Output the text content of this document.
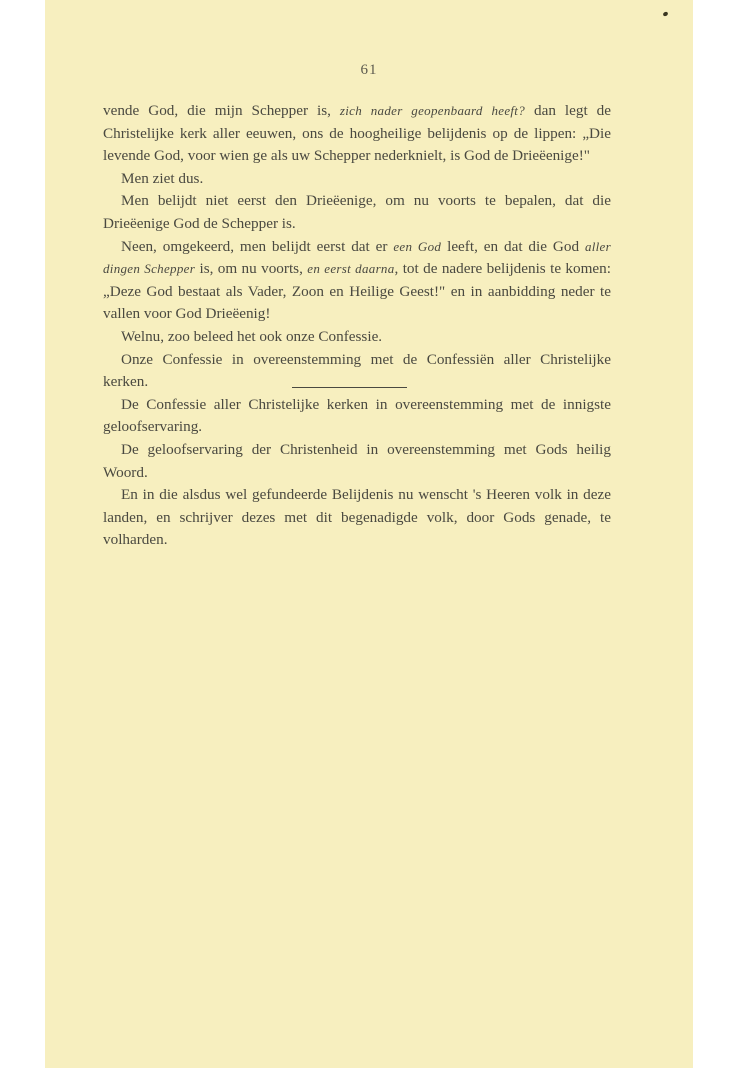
61

vende God, die mijn Schepper is, zich nader geopenbaard heeft? dan legt de Christelijke kerk aller eeuwen, ons de hoogheilige belijdenis op de lippen: „Die levende God, voor wien ge als uw Schepper nederknielt, is God de Drieëenige!"

Men ziet dus.

Men belijdt niet eerst den Drieëenige, om nu voorts te bepalen, dat die Drieëenige God de Schepper is.

Neen, omgekeerd, men belijdt eerst dat er een God leeft, en dat die God aller dingen Schepper is, om nu voorts, en eerst daarna, tot de nadere belijdenis te komen: „Deze God bestaat als Vader, Zoon en Heilige Geest!" en in aanbidding neder te vallen voor God Drieëenig!

Welnu, zoo beleed het ook onze Confessie.

Onze Confessie in overeenstemming met de Confessiën aller Christelijke kerken.

De Confessie aller Christelijke kerken in overeenstemming met de innigste geloofservaring.

De geloofservaring der Christenheid in overeenstemming met Gods heilig Woord.

En in die alsdus wel gefundeerde Belijdenis nu wenscht 's Heeren volk in deze landen, en schrijver dezes met dit begenadigde volk, door Gods genade, te volharden.
